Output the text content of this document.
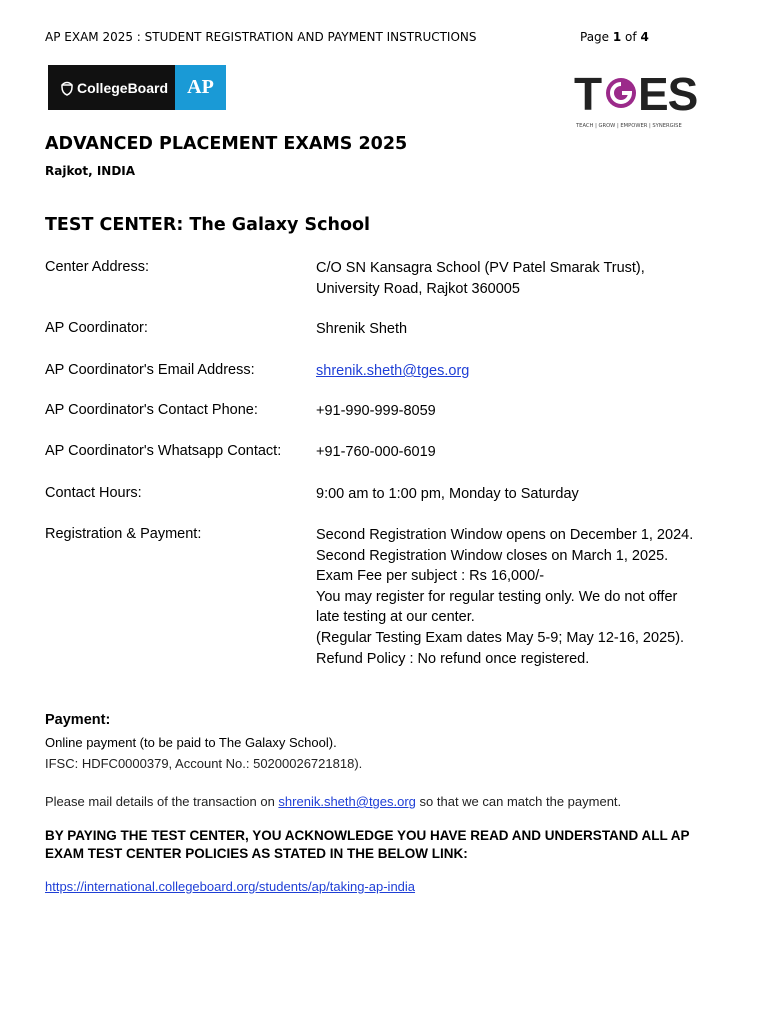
AP EXAM 2025 : STUDENT REGISTRATION AND PAYMENT INSTRUCTIONS	Page 1 of 4
CollegeBoard AP	T ES
TEACH | GROW | EMPOWER | SYNERGISE
ADVANCED PLACEMENT EXAMS 2025
Rajkot, INDIA
TEST CENTER: The Galaxy School
Center Address:	C/O SN Kansagra School (PV Patel Smarak Trust),
University Road, Rajkot 360005
AP Coordinator:	Shrenik Sheth
AP Coordinator's Email Address:	shrenik.sheth@tges.org
AP Coordinator's Contact Phone:	+91-990-999-8059
AP Coordinator's Whatsapp Contact: +91-760-000-6019
Contact Hours:	9:00 am to 1:00 pm, Monday to Saturday
Registration & Payment:	Second Registration Window opens on December 1, 2024.
Second Registration Window closes on March 1, 2025.
Exam Fee per subject : Rs 16,000/-
You may register for regular testing only. We do not offer
late testing at our center.
(Regular Testing Exam dates May 5-9; May 12-16, 2025).
Refund Policy : No refund once registered.
Payment:
Online payment (to be paid to The Galaxy School).
IFSC: HDFC0000379, Account No.: 50200026721818).
Please mail details of the transaction on shrenik.sheth@tges.org so that we can match the payment.
BY PAYING THE TEST CENTER, YOU ACKNOWLEDGE YOU HAVE READ AND UNDERSTAND ALL AP
EXAM TEST CENTER POLICIES AS STATED IN THE BELOW LINK:
https://international.collegeboard.org/students/ap/taking-ap-india
